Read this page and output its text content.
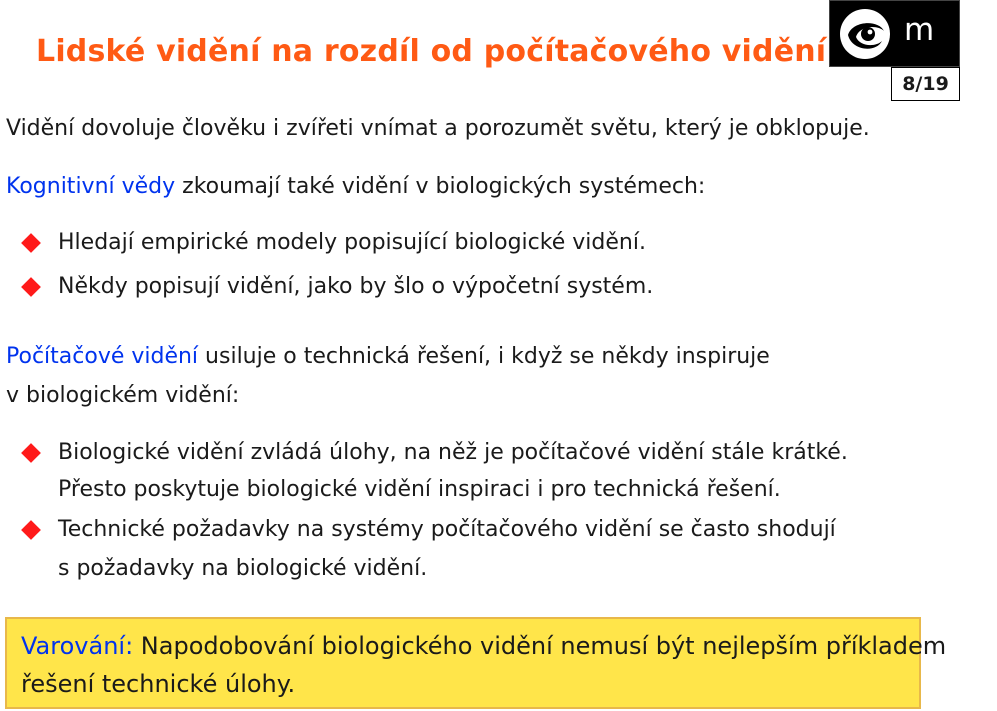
Lidské vidění na rozdíl od počítačového vidění
m p
8/19
Vidění dovoluje člověku i zvířeti vnímat a porozumět světu, který je obklopuje.
Kognitivní vědy zkoumají také vidění v biologických systémech:
Hledají empirické modely popisující biologické vidění.
Někdy popisují vidění, jako by šlo o výpočetní systém.
Počítačové vidění usiluje o technická řešení, i když se někdy inspiruje
v biologickém vidění:
Biologické vidění zvládá úlohy, na něž je počítačové vidění stále krátké.
Přesto poskytuje biologické vidění inspiraci i pro technická řešení.
Technické požadavky na systémy počítačového vidění se často shodují
s požadavky na biologické vidění.
Varování: Napodobování biologického vidění nemusí být nejlepším příkladem
řešení technické úlohy.
